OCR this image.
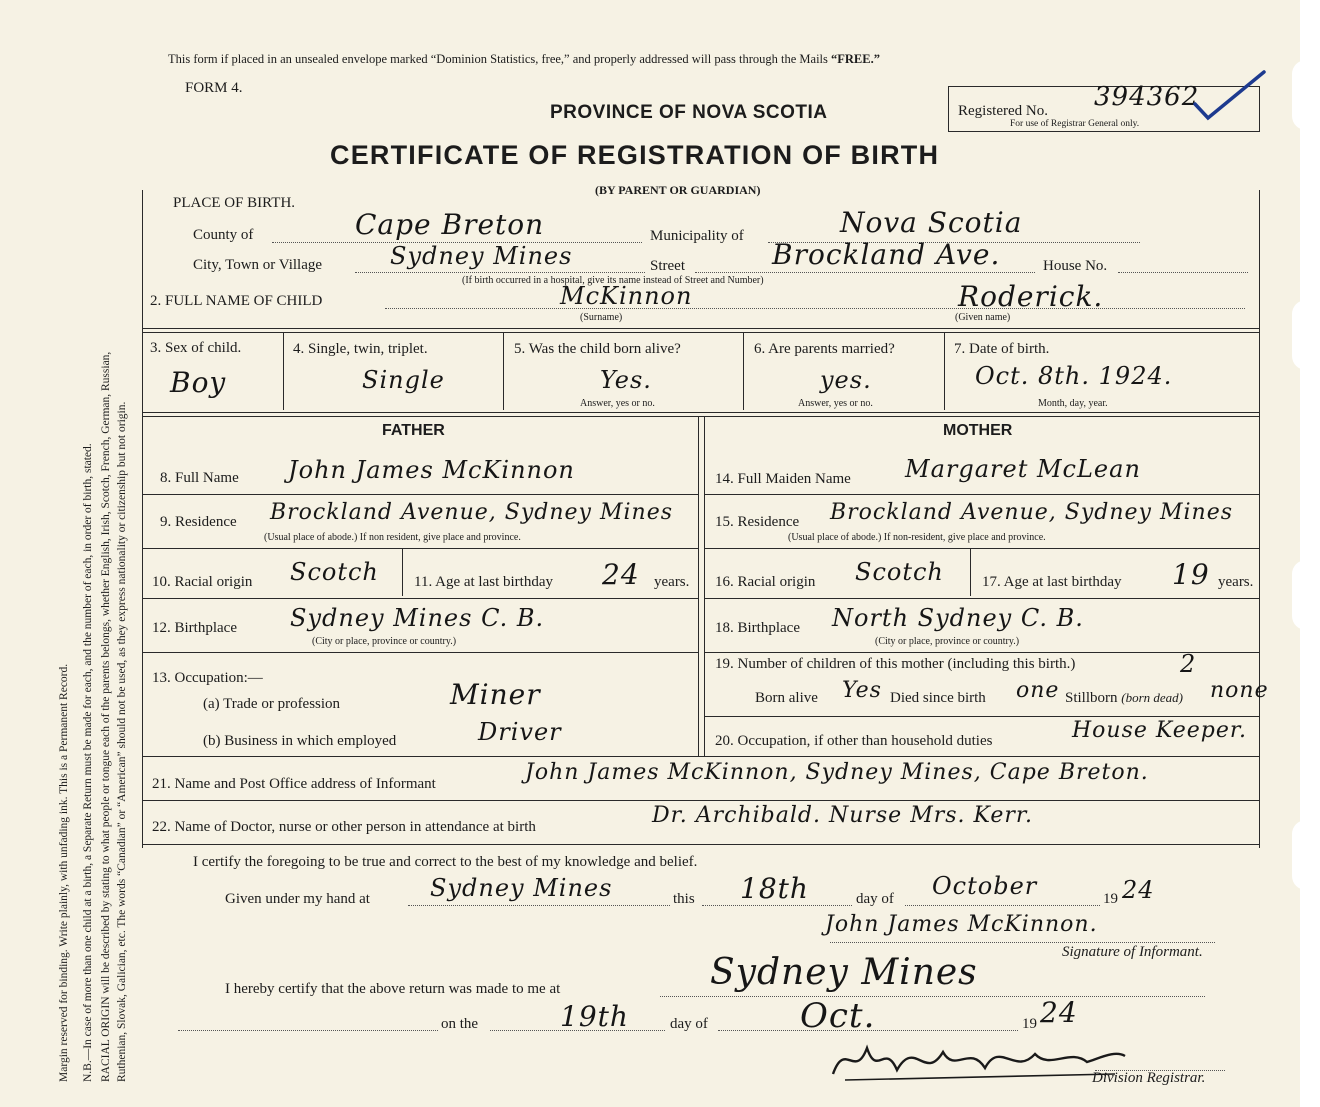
Margin reserved for binding. Write plainly, with unfading ink. This is a Permanent Record. N.B.—In case of more than one child at a birth, a Separate Return must be made for each, and the number of each, in order of birth, stated. RACIAL ORIGIN will be described by stating to what people or tongue each of the parents belongs, whether English, Irish, Scotch, French, German, Russian, Ruthenian, Slovak, Galician, etc. The words “Canadian” or “American” should not be used, as they express nationality or citizenship but not origin.
This form if placed in an unsealed envelope marked “Dominion Statistics, free,” and properly addressed will pass through the Mails “FREE.”
FORM 4.
PROVINCE OF NOVA SCOTIA
CERTIFICATE OF REGISTRATION OF BIRTH
(BY PARENT OR GUARDIAN)
Registered No. 394362
For use of Registrar General only.
PLACE OF BIRTH.
County of	Cape Breton	Municipality of	Nova Scotia
City, Town or Village	Sydney Mines
(If birth occurred in a hospital, give its name instead of Street and Number)
Street	Brockland Ave.	House No.
2. FULL NAME OF CHILD	McKinnon
(Surname)
Roderick.
(Given name)
3. Sex of child.
Boy
4. Single, twin, triplet.
Single
5. Was the child born alive?
Yes.
Answer, yes or no.
6. Are parents married?
yes.
Answer, yes or no.
7. Date of birth.
Oct. 8th. 1924.
Month, day, year.
FATHER	MOTHER
8. Full Name John James McKinnon
9. Residence Brockland Avenue, Sydney Mines
(Usual place of abode.) If non resident, give place and province.
10. Racial origin Scotch 11. Age at last birthday 24 years.
12. Birthplace Sydney Mines C. B.
(City or place, province or country.)
13. Occupation:—
(a) Trade or profession	Miner
(b) Business in which employed	Driver
14. Full Maiden Name Margaret McLean
15. Residence Brockland Avenue, Sydney Mines
(Usual place of abode.) If non-resident, give place and province.
16. Racial origin Scotch	17. Age at last birthday 19 years.
18. Birthplace North Sydney C. B.
(City or place, province or country.)
19. Number of children of this mother (including this birth.)	2
Born alive Yes Died since birth one Stillborn (born dead) none
20. Occupation, if other than household duties	House Keeper.
21. Name and Post Office address of Informant	John James McKinnon, Sydney Mines, Cape Breton.
22. Name of Doctor, nurse or other person in attendance at birth	Dr. Archibald. Nurse Mrs. Kerr.
I certify the foregoing to be true and correct to the best of my knowledge and belief.
Given under my hand at	Sydney Mines	this 18th	day of October	19 24
John James McKinnon.
Signature of Informant.
I hereby certify that the above return was made to me at	Sydney Mines
on the	19th	day of	Oct.	19 24
Division Registrar.
